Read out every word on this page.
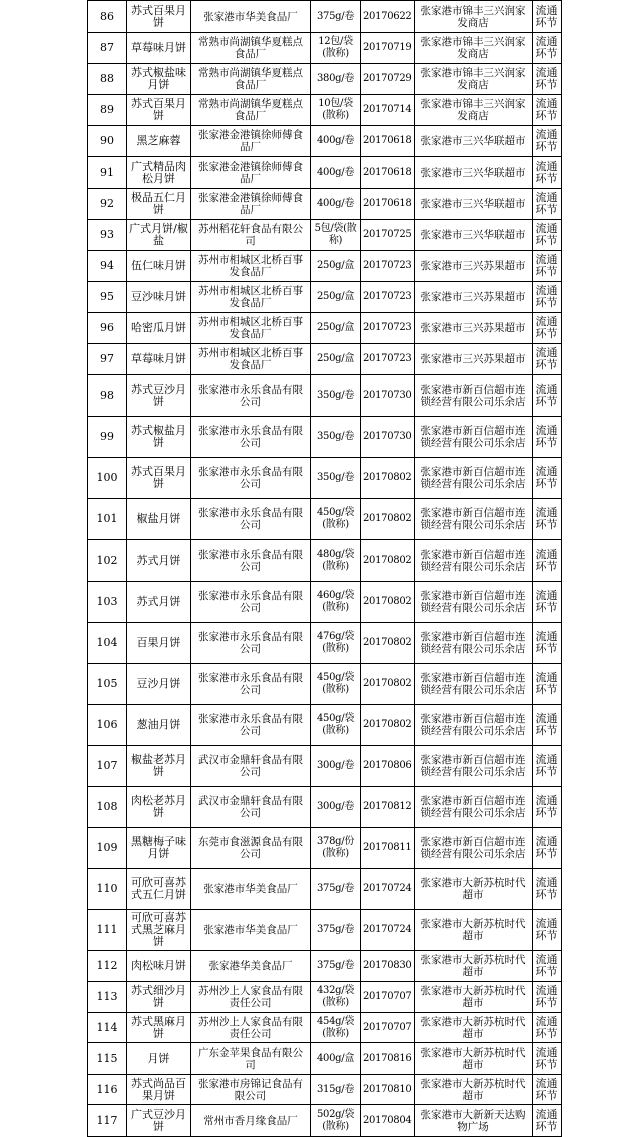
86	苏式百果月饼	张家港市华美食品厂	375g/卷	20170622	张家港市锦丰三兴润家发商店	流通环节
87	草莓味月饼	常熟市尚湖镇华夏糕点食品厂	12包/袋(散称)	20170719	张家港市锦丰三兴润家发商店	流通环节
88	苏式椒盐味月饼	常熟市尚湖镇华夏糕点食品厂	380g/卷	20170729	张家港市锦丰三兴润家发商店	流通环节
89	苏式百果月饼	常熟市尚湖镇华夏糕点食品厂	10包/袋(散称)	20170714	张家港市锦丰三兴润家发商店	流通环节
90	黑芝麻蓉	张家港金港镇徐师傅食品厂	400g/卷	20170618	张家港市三兴华联超市	流通环节
91	广式精品肉松月饼	张家港金港镇徐师傅食品厂	400g/卷	20170618	张家港市三兴华联超市	流通环节
92	极品五仁月饼	张家港金港镇徐师傅食品厂	400g/卷	20170618	张家港市三兴华联超市	流通环节
93	广式月饼/椒盐	苏州稻花轩食品有限公司	5包/袋(散称)	20170725	张家港市三兴华联超市	流通环节
94	伍仁味月饼	苏州市相城区北桥百事发食品厂	250g/盒	20170723	张家港市三兴苏果超市	流通环节
95	豆沙味月饼	苏州市相城区北桥百事发食品厂	250g/盒	20170723	张家港市三兴苏果超市	流通环节
96	哈密瓜月饼	苏州市相城区北桥百事发食品厂	250g/盒	20170723	张家港市三兴苏果超市	流通环节
97	草莓味月饼	苏州市相城区北桥百事发食品厂	250g/盒	20170723	张家港市三兴苏果超市	流通环节
98	苏式豆沙月饼	张家港市永乐食品有限公司	350g/卷	20170730	张家港市新百信超市连锁经营有限公司乐余店	流通环节
99	苏式椒盐月饼	张家港市永乐食品有限公司	350g/卷	20170730	张家港市新百信超市连锁经营有限公司乐余店	流通环节
100	苏式百果月饼	张家港市永乐食品有限公司	350g/卷	20170802	张家港市新百信超市连锁经营有限公司乐余店	流通环节
101	椒盐月饼	张家港市永乐食品有限公司	450g/袋(散称)	20170802	张家港市新百信超市连锁经营有限公司乐余店	流通环节
102	苏式月饼	张家港市永乐食品有限公司	480g/袋(散称)	20170802	张家港市新百信超市连锁经营有限公司乐余店	流通环节
103	苏式月饼	张家港市永乐食品有限公司	460g/袋(散称)	20170802	张家港市新百信超市连锁经营有限公司乐余店	流通环节
104	百果月饼	张家港市永乐食品有限公司	476g/袋(散称)	20170802	张家港市新百信超市连锁经营有限公司乐余店	流通环节
105	豆沙月饼	张家港市永乐食品有限公司	450g/袋(散称)	20170802	张家港市新百信超市连锁经营有限公司乐余店	流通环节
106	葱油月饼	张家港市永乐食品有限公司	450g/袋(散称)	20170802	张家港市新百信超市连锁经营有限公司乐余店	流通环节
107	椒盐老苏月饼	武汉市金鼎轩食品有限公司	300g/卷	20170806	张家港市新百信超市连锁经营有限公司乐余店	流通环节
108	肉松老苏月饼	武汉市金鼎轩食品有限公司	300g/卷	20170812	张家港市新百信超市连锁经营有限公司乐余店	流通环节
109	黑糖梅子味月饼	东莞市食滋源食品有限公司	378g/份(散称)	20170811	张家港市新百信超市连锁经营有限公司乐余店	流通环节
110	可欣可喜苏式五仁月饼	张家港市华美食品厂	375g/卷	20170724	张家港市大新苏杭时代超市	流通环节
111	可欣可喜苏式黑芝麻月饼	张家港市华美食品厂	375g/卷	20170724	张家港市大新苏杭时代超市	流通环节
112	肉松味月饼	张家港华美食品厂	375g/卷	20170830	张家港市大新苏杭时代超市	流通环节
113	苏式细沙月饼	苏州沙上人家食品有限责任公司	432g/袋(散称)	20170707	张家港市大新苏杭时代超市	流通环节
114	苏式黑麻月饼	苏州沙上人家食品有限责任公司	454g/袋(散称)	20170707	张家港市大新苏杭时代超市	流通环节
115	月饼	广东金苹果食品有限公司	400g/盒	20170816	张家港市大新苏杭时代超市	流通环节
116	苏式尚品百果月饼	张家港市房锦记食品有限公司	315g/卷	20170810	张家港市大新苏杭时代超市	流通环节
117	广式豆沙月饼	常州市香月缘食品厂	502g/袋(散称)	20170804	张家港市大新新天达购物广场	流通环节
